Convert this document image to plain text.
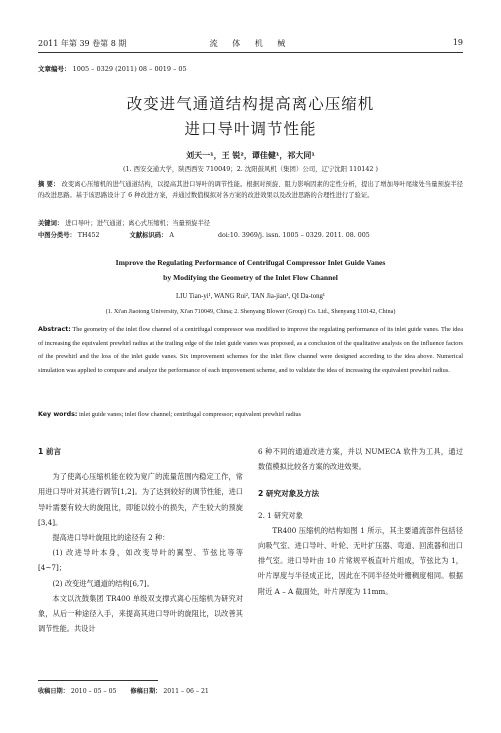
2011 年第 39 卷第 8 期	流 体 机 械	19
文章编号： 1005 – 0329 (2011) 08 – 0019 – 05
改变进气通道结构提高离心压缩机
进口导叶调节性能
刘天一¹，王 锐²，谭佳健¹，祁大同¹
(1. 西安交通大学，陕西西安 710049；2. 沈阳鼓风机（集团）公司，辽宁沈阳 110142 )
摘 要： 改变离心压缩机的进气通道结构，以提高其进口导叶的调节性能。根据对预旋、阻力影响因素的定性分析，提出了增加导叶尾缘处当量预旋半径的改进思路。基于该思路设计了 6 种改进方案，并通过数值模拟对各方案的改进效果以及改进思路的合理性进行了验证。
关键词： 进口导叶；进气通道；离心式压缩机；当量预旋半径
中图分类号： TH452	文献标识码： A	doi:10. 3969/j. issn. 1005 – 0329. 2011. 08. 005
Improve the Regulating Performance of Centrifugal Compressor Inlet Guide Vanes
by Modifying the Geometry of the Inlet Flow Channel
LIU Tian-yi¹, WANG Rui², TAN Jia-jian¹, QI Da-tong¹
(1. Xi'an Jiaotong University, Xi'an 710049, China; 2. Shenyang Blower (Group) Co. Ltd., Shenyang 110142, China)
Abstract: The geometry of the inlet flow channel of a centrifugal compressor was modified to improve the regulating performance of its inlet guide vanes. The idea of increasing the equivalent prewhirl radius at the trailing edge of the inlet guide vanes was proposed, as a conclusion of the qualitative analysis on the influence factors of the prewhirl and the loss of the inlet guide vanes. Six improvement schemes for the inlet flow channel were designed according to the idea above. Numerical simulation was applied to compare and analyze the performance of each improvement scheme, and to validate the idea of increasing the equivalent prewhirl radius.
Key words: inlet guide vanes; inlet flow channel; centrifugal compressor; equivalent prewhirl radius
1 前言
为了使离心压缩机能在较为宽广的流量范围内稳定工作，常用进口导叶对其进行调节[1,2]。为了达到较好的调节性能，进口导叶需要有较大的旋阻比，即能以较小的损失，产生较大的预旋[3,4]。
提高进口导叶旋阻比的途径有 2 种：
(1) 改进导叶本身，如改变导叶的翼型、节弦比等等[4~7]；
(2) 改变进气通道的结构[6,7]。
本文以沈鼓集团 TR400 单级双支撑式离心压缩机为研究对象，从后一种途径入手，来提高其进口导叶的旋阻比，以改善其调节性能。共设计
6 种不同的通道改进方案，并以 NUMECA 软件为工具，通过数值模拟比较各方案的改进效果。
2 研究对象及方法
2. 1 研究对象
TR400 压缩机的结构如图 1 所示，其主要通流部件包括径向吸气室、进口导叶、叶轮、无叶扩压器、弯道、回流器和出口排气室。进口导叶由 10 片常规平板直叶片组成，节弦比为 1，叶片厚度与半径成正比，因此在不同半径处叶栅稠度相同。根据附近 A – A 截面处，叶片厚度为 11mm。
收稿日期： 2010 – 05 – 05 修稿日期： 2011 – 06 – 21
